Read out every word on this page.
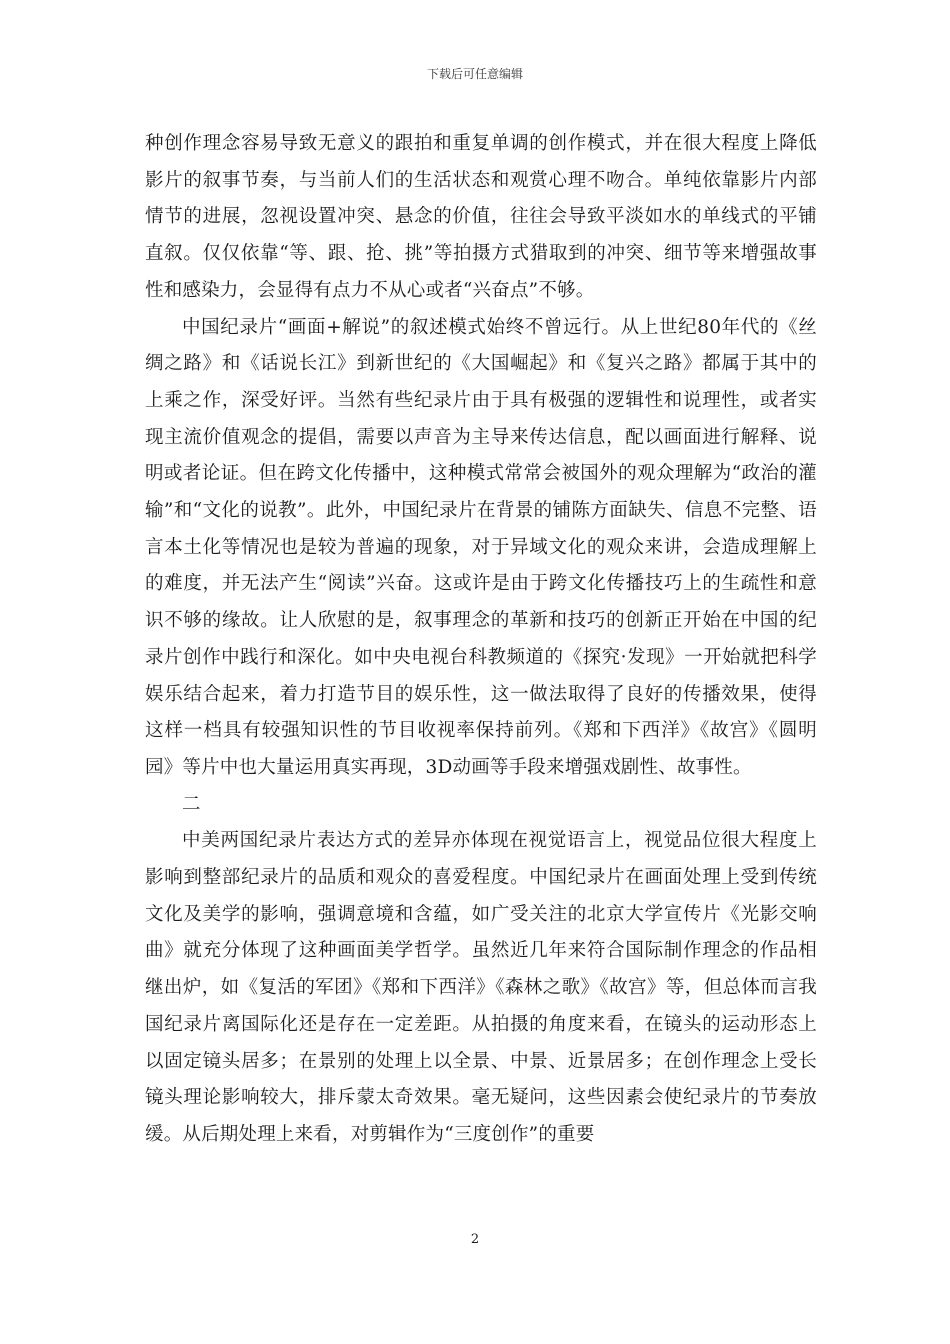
下载后可任意编辑

种创作理念容易导致无意义的跟拍和重复单调的创作模式，并在很大程度上降低影片的叙事节奏，与当前人们的生活状态和观赏心理不吻合。单纯依靠影片内部情节的进展，忽视设置冲突、悬念的价值，往往会导致平淡如水的单线式的平铺直叙。仅仅依靠“等、跟、抢、挑”等拍摄方式猎取到的冲突、细节等来增强故事性和感染力，会显得有点力不从心或者“兴奋点”不够。

中国纪录片“画面+解说”的叙述模式始终不曾远行。从上世纪80年代的《丝绸之路》和《话说长江》到新世纪的《大国崛起》和《复兴之路》都属于其中的上乘之作，深受好评。当然有些纪录片由于具有极强的逻辑性和说理性，或者实现主流价值观念的提倡，需要以声音为主导来传达信息，配以画面进行解释、说明或者论证。但在跨文化传播中，这种模式常常会被国外的观众理解为“政治的灌输”和“文化的说教”。此外，中国纪录片在背景的铺陈方面缺失、信息不完整、语言本土化等情况也是较为普遍的现象，对于异域文化的观众来讲，会造成理解上的难度，并无法产生“阅读”兴奋。这或许是由于跨文化传播技巧上的生疏性和意识不够的缘故。让人欣慰的是，叙事理念的革新和技巧的创新正开始在中国的纪录片创作中践行和深化。如中央电视台科教频道的《探究·发现》一开始就把科学娱乐结合起来，着力打造节目的娱乐性，这一做法取得了良好的传播效果，使得这样一档具有较强知识性的节目收视率保持前列。《郑和下西洋》《故宫》《圆明园》等片中也大量运用真实再现，3D动画等手段来增强戏剧性、故事性。

二

中美两国纪录片表达方式的差异亦体现在视觉语言上，视觉品位很大程度上影响到整部纪录片的品质和观众的喜爱程度。中国纪录片在画面处理上受到传统文化及美学的影响，强调意境和含蕴，如广受关注的北京大学宣传片《光影交响曲》就充分体现了这种画面美学哲学。虽然近几年来符合国际制作理念的作品相继出炉，如《复活的军团》《郑和下西洋》《森林之歌》《故宫》等，但总体而言我国纪录片离国际化还是存在一定差距。从拍摄的角度来看，在镜头的运动形态上以固定镜头居多；在景别的处理上以全景、中景、近景居多；在创作理念上受长镜头理论影响较大，排斥蒙太奇效果。毫无疑问，这些因素会使纪录片的节奏放缓。从后期处理上来看，对剪辑作为“三度创作”的重要

2
